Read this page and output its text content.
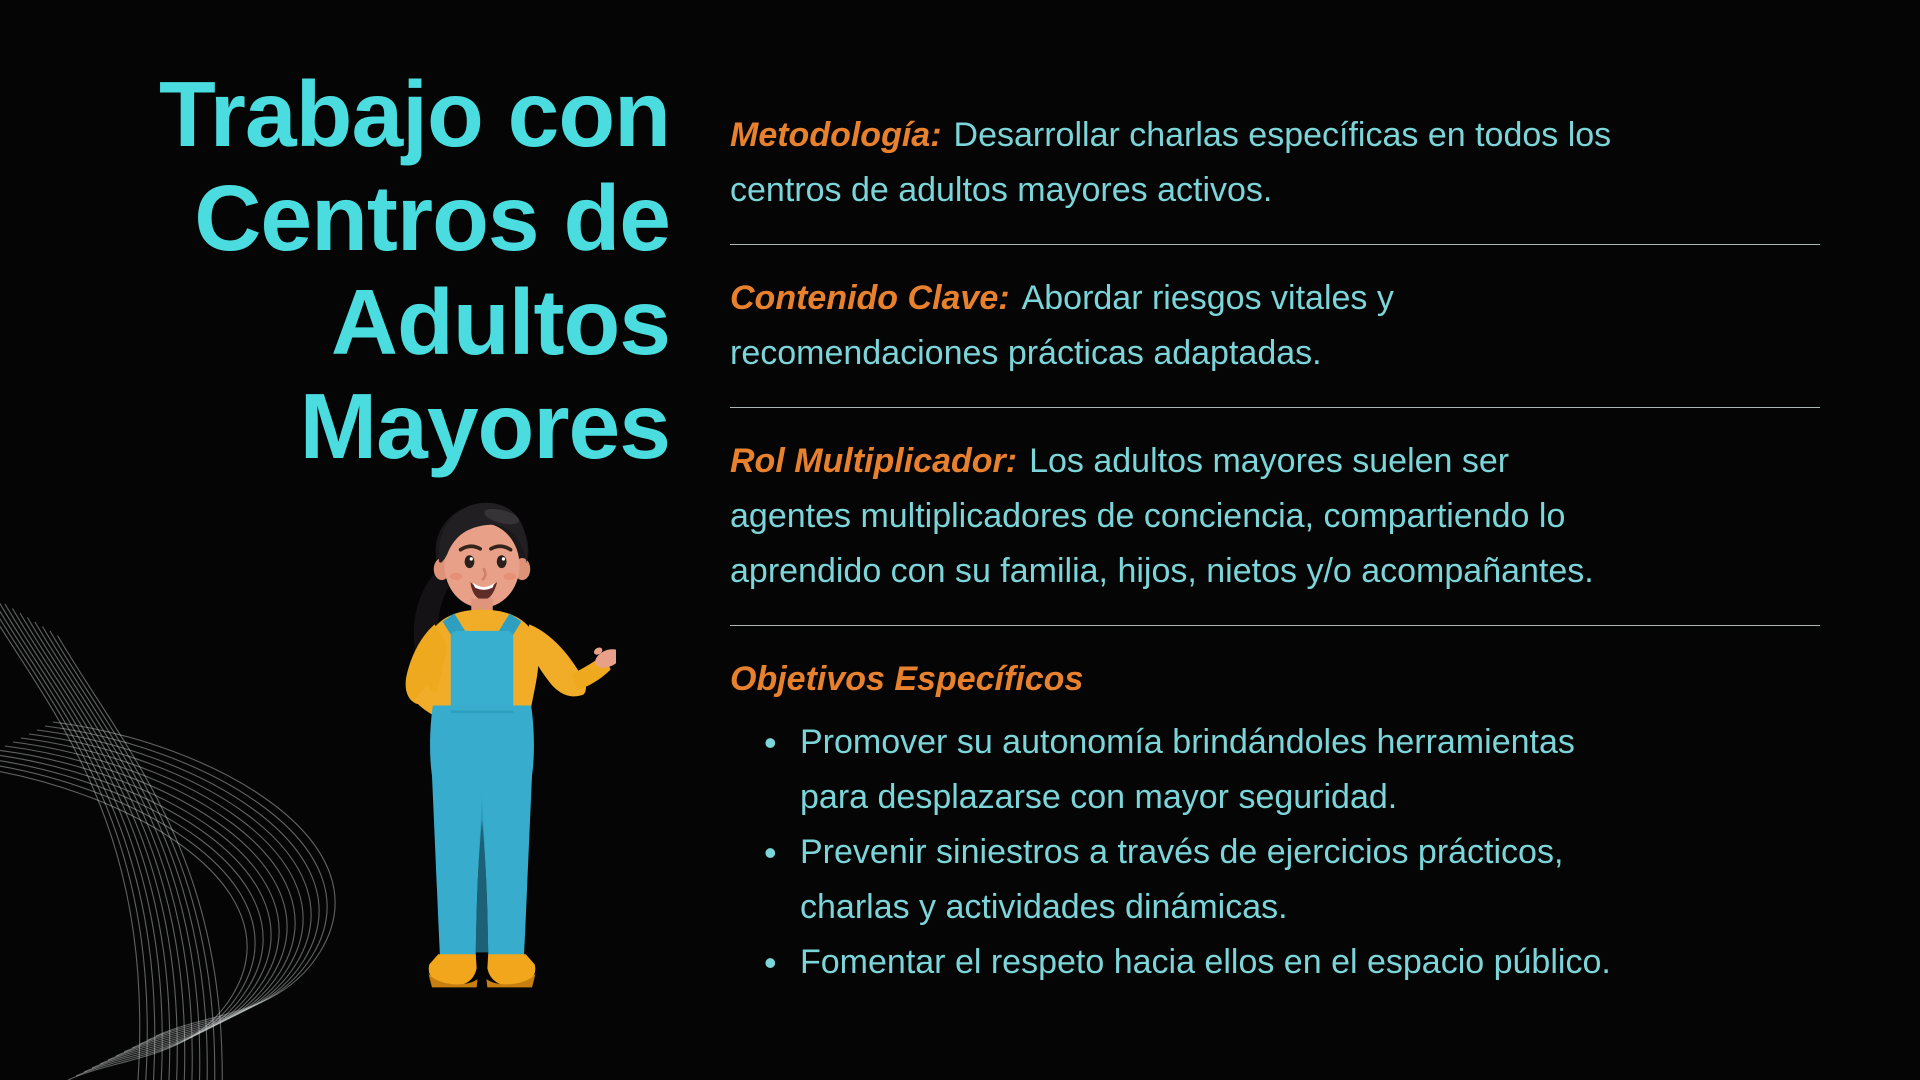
Trabajo con
Centros de
Adultos
Mayores
Metodología: Desarrollar charlas específicas en todos los
centros de adultos mayores activos.
Contenido Clave: Abordar riesgos vitales y
recomendaciones prácticas adaptadas.
Rol Multiplicador: Los adultos mayores suelen ser
agentes multiplicadores de conciencia, compartiendo lo
aprendido con su familia, hijos, nietos y/o acompañantes.
Objetivos Específicos
• Promover su autonomía brindándoles herramientas
para desplazarse con mayor seguridad.
• Prevenir siniestros a través de ejercicios prácticos,
charlas y actividades dinámicas.
• Fomentar el respeto hacia ellos en el espacio público.
